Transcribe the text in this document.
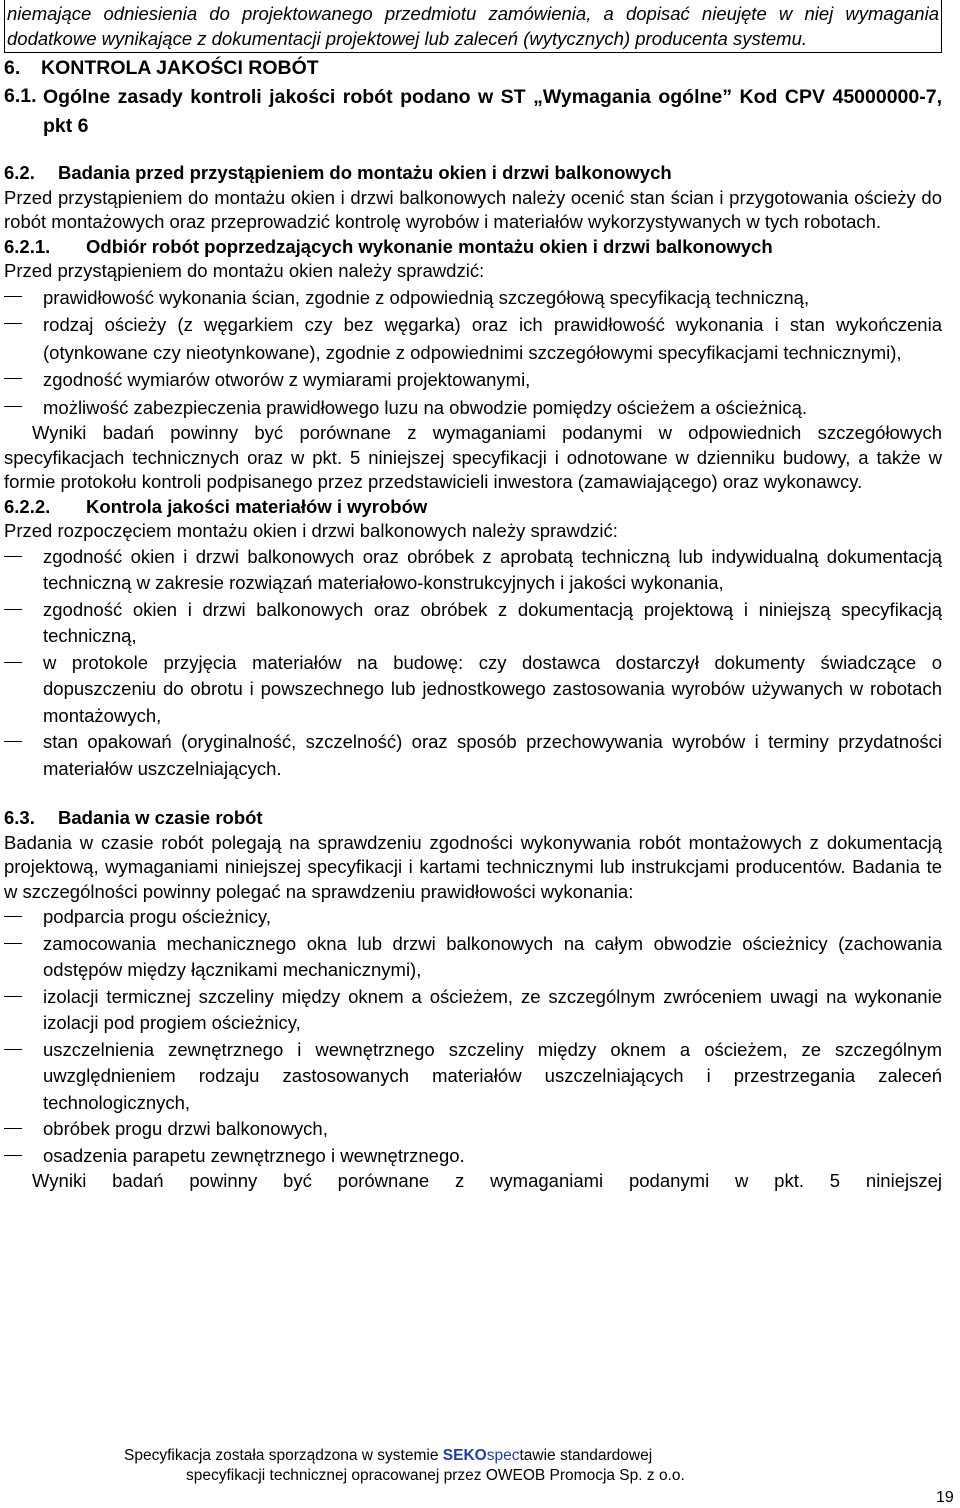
niemające odniesienia do projektowanego przedmiotu zamówienia, a dopisać nieujęte w niej wymagania dodatkowe wynikające z dokumentacji projektowej lub zaleceń (wytycznych) producenta systemu.
6. KONTROLA JAKOŚCI ROBÓT
6.1. Ogólne zasady kontroli jakości robót podano w ST „Wymagania ogólne” Kod CPV 45000000-7, pkt 6
6.2. Badania przed przystąpieniem do montażu okien i drzwi balkonowych
Przed przystąpieniem do montażu okien i drzwi balkonowych należy ocenić stan ścian i przygotowania ościeży do robót montażowych oraz przeprowadzić kontrolę wyrobów i materiałów wykorzystywanych w tych robotach.
6.2.1. Odbiór robót poprzedzających wykonanie montażu okien i drzwi balkonowych
Przed przystąpieniem do montażu okien należy sprawdzić:
prawidłowość wykonania ścian, zgodnie z odpowiednią szczegółową specyfikacją techniczną,
rodzaj ościeży (z węgarkiem czy bez węgarka) oraz ich prawidłowość wykonania i stan wykończenia (otynkowane czy nieotynkowane), zgodnie z odpowiednimi szczegółowymi specyfikacjami technicznymi),
zgodność wymiarów otworów z wymiarami projektowanymi,
możliwość zabezpieczenia prawidłowego luzu na obwodzie pomiędzy ościeżem a ościeżnicą.
Wyniki badań powinny być porównane z wymaganiami podanymi w odpowiednich szczegółowych specyfikacjach technicznych oraz w pkt. 5 niniejszej specyfikacji i odnotowane w dzienniku budowy, a także w formie protokołu kontroli podpisanego przez przedstawicieli inwestora (zamawiającego) oraz wykonawcy.
6.2.2. Kontrola jakości materiałów i wyrobów
Przed rozpoczęciem montażu okien i drzwi balkonowych należy sprawdzić:
zgodność okien i drzwi balkonowych oraz obróbek z aprobatą techniczną lub indywidualną dokumentacją techniczną w zakresie rozwiązań materiałowo-konstrukcyjnych i jakości wykonania,
zgodność okien i drzwi balkonowych oraz obróbek z dokumentacją projektową i niniejszą specyfikacją techniczną,
w protokole przyjęcia materiałów na budowę: czy dostawca dostarczył dokumenty świadczące o dopuszczeniu do obrotu i powszechnego lub jednostkowego zastosowania wyrobów używanych w robotach montażowych,
stan opakowań (oryginalność, szczelność) oraz sposób przechowywania wyrobów i terminy przydatności materiałów uszczelniających.
6.3. Badania w czasie robót
Badania w czasie robót polegają na sprawdzeniu zgodności wykonywania robót montażowych z dokumentacją projektową, wymaganiami niniejszej specyfikacji i kartami technicznymi lub instrukcjami producentów. Badania te w szczególności powinny polegać na sprawdzeniu prawidłowości wykonania:
podparcia progu ościeżnicy,
zamocowania mechanicznego okna lub drzwi balkonowych na całym obwodzie ościeżnicy (zachowania odstępów między łącznikami mechanicznymi),
izolacji termicznej szczeliny między oknem a ościeżem, ze szczególnym zwróceniem uwagi na wykonanie izolacji pod progiem ościeżnicy,
uszczelnienia zewnętrznego i wewnętrznego szczeliny między oknem a ościeżem, ze szczególnym uwzględnieniem rodzaju zastosowanych materiałów uszczelniających i przestrzegania zaleceń technologicznych,
obróbek progu drzwi balkonowych,
osadzenia parapetu zewnętrznego i wewnętrznego.
Wyniki badań powinny być porównane z wymaganiami podanymi w pkt. 5 niniejszej
Specyfikacja została sporządzona w systemie SEKOspectawie standardowej
specyfikacji technicznej opracowanej przez OWEOB Promocja Sp. z o.o.
19
